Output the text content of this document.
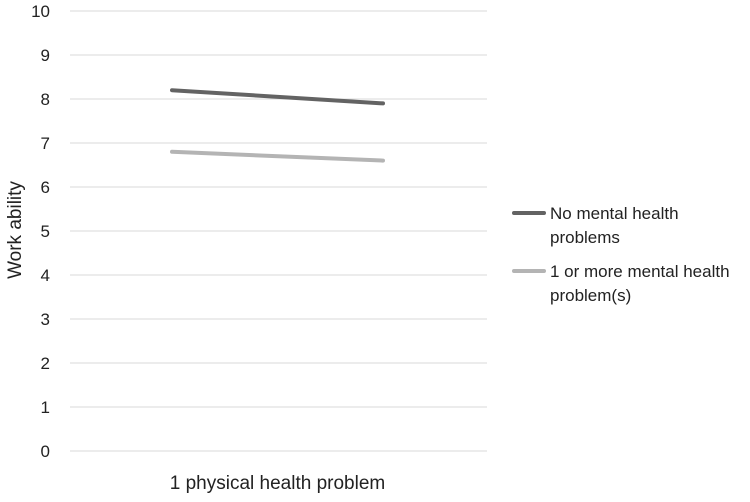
0
1
2
3
4
5
6
7
8
9
10
1 physical health problem
Work ability	No mental health problems
1 or more mental health problem(s)
